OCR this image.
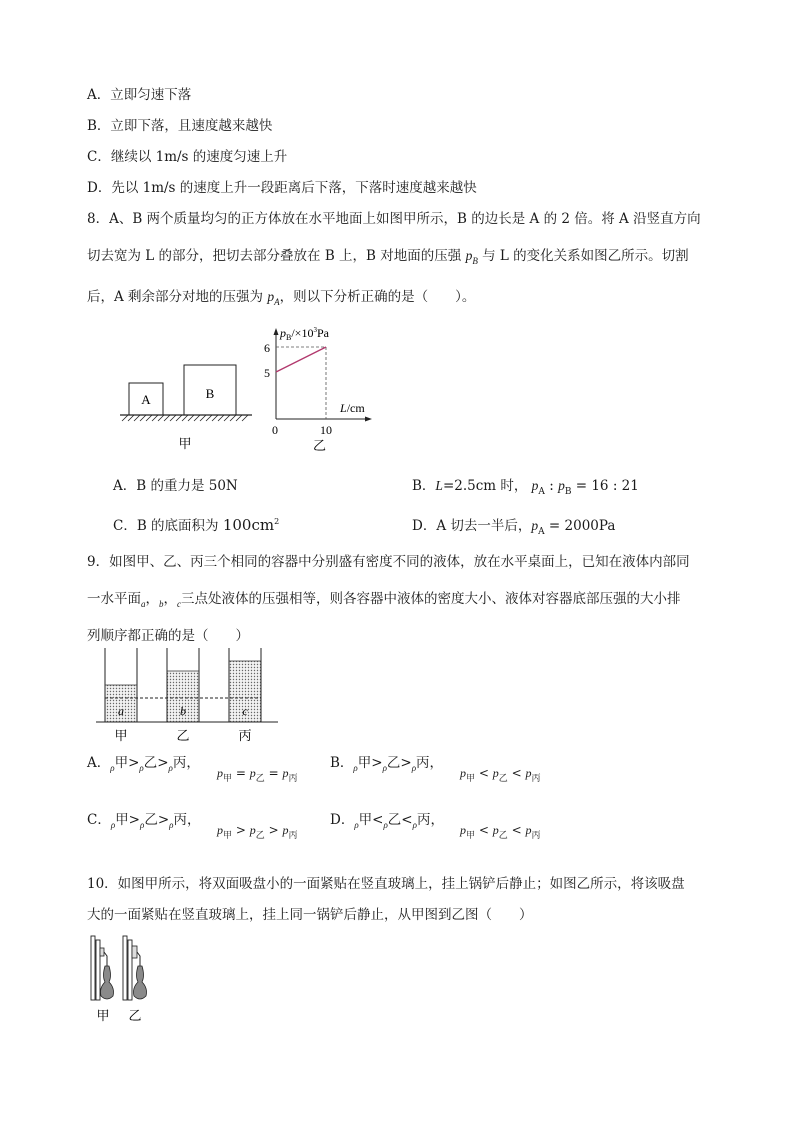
A．立即匀速下落
B．立即下落，且速度越来越快
C．继续以 1m/s 的速度匀速上升
D．先以 1m/s 的速度上升一段距离后下落，下落时速度越来越快
8．A、B 两个质量均匀的正方体放在水平地面上如图甲所示，B 的边长是 A 的 2 倍。将 A 沿竖直方向
切去宽为 L 的部分，把切去部分叠放在 B 上，B 对地面的压强 $p_B$ 与 L 的变化关系如图乙所示。切割
后，A 剩余部分对地的压强为 $p_A$，则以下分析正确的是（　　）。
A	B
甲
$p_B/\times 10^3Pa$
6
5
0	10
L/cm
乙
A．B 的重力是 50N	B．L=2.5cm 时， $p_A$ : $p_B = 16$ : 21
C．B 的底面积为 $100cm^2$	D．A 切去一半后，$p_A = 2000Pa$
9．如图甲、乙、丙三个相同的容器中分别盛有密度不同的液体，放在水平桌面上，已知在液体内部同
一水平面$_a$，$_b$，$_c$三点处液体的压强相等，则各容器中液体的密度大小、液体对容器底部压强的大小排
列顺序都正确的是（　　）
a	b	c
甲	乙	丙
A．$_\rho$甲$>_\rho$乙$>_\rho$丙，
$p_甲 = p_乙 = p_丙$
B．$_\rho$甲$>_\rho$乙$>_\rho$丙，
$p_甲 < p_乙 < p_丙$
C．$_\rho$甲$>_\rho$乙$>_\rho$丙，
$p_甲 > p_乙 > p_丙$
D．$_\rho$甲$<_\rho$乙$<_\rho$丙，
$p_甲 < p_乙 < p_丙$
10．如图甲所示，将双面吸盘小的一面紧贴在竖直玻璃上，挂上锅铲后静止；如图乙所示，将该吸盘
大的一面紧贴在竖直玻璃上，挂上同一锅铲后静止，从甲图到乙图（　　）
甲 乙
